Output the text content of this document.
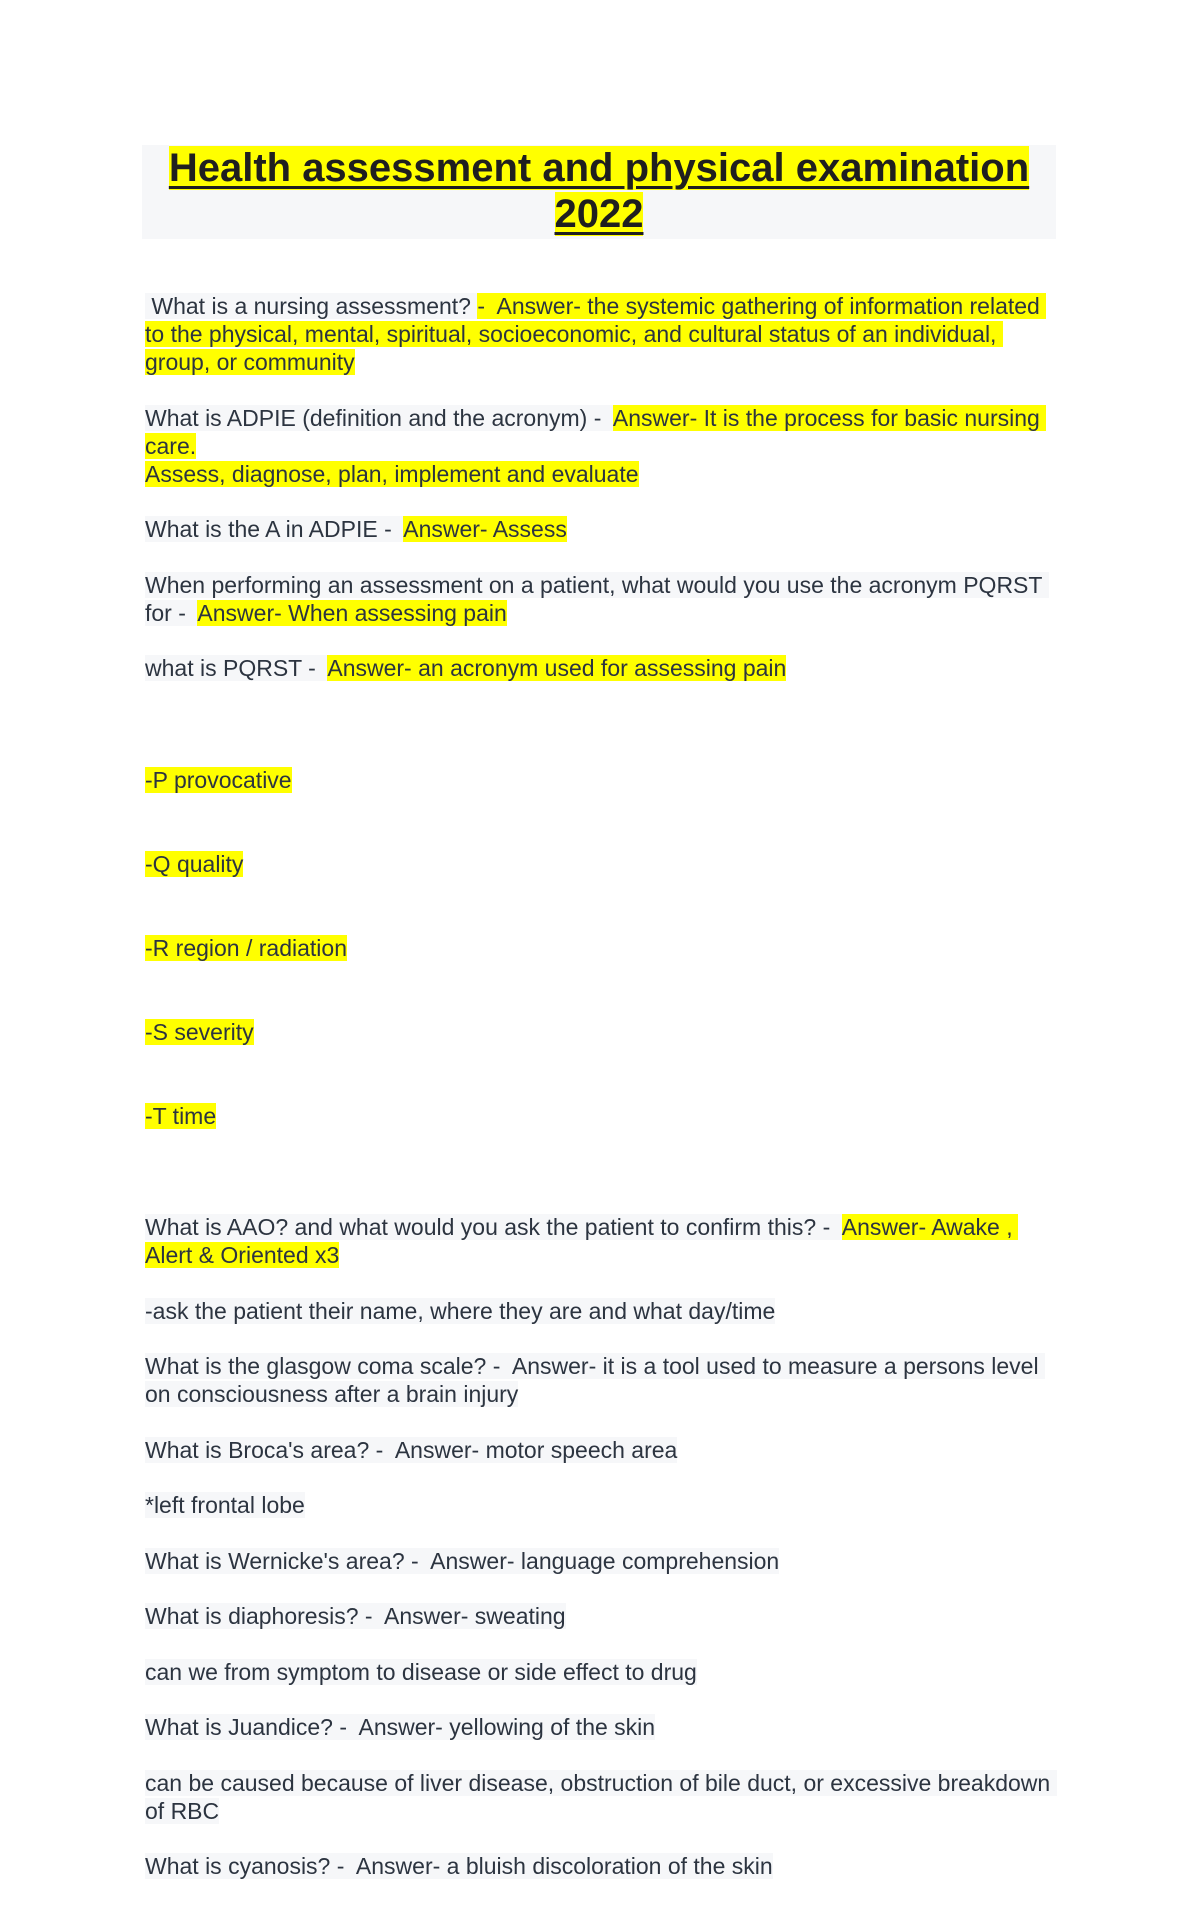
Health assessment and physical examination
2022

What is a nursing assessment? -  Answer- the systemic gathering of information related to the physical, mental, spiritual, socioeconomic, and cultural status of an individual, group, or community

What is ADPIE (definition and the acronym) -  Answer- It is the process for basic nursing care.
Assess, diagnose, plan, implement and evaluate

What is the A in ADPIE -  Answer- Assess

When performing an assessment on a patient, what would you use the acronym PQRST for -  Answer- When assessing pain

what is PQRST -  Answer- an acronym used for assessing pain

-P provocative

-Q quality

-R region / radiation

-S severity

-T time

What is AAO? and what would you ask the patient to confirm this? -  Answer- Awake , Alert & Oriented x3

-ask the patient their name, where they are and what day/time

What is the glasgow coma scale? -  Answer- it is a tool used to measure a persons level on consciousness after a brain injury

What is Broca's area? -  Answer- motor speech area

*left frontal lobe

What is Wernicke's area? -  Answer- language comprehension

What is diaphoresis? -  Answer- sweating

can we from symptom to disease or side effect to drug

What is Juandice? -  Answer- yellowing of the skin

can be caused because of liver disease, obstruction of bile duct, or excessive breakdown of RBC

What is cyanosis? -  Answer- a bluish discoloration of the skin
